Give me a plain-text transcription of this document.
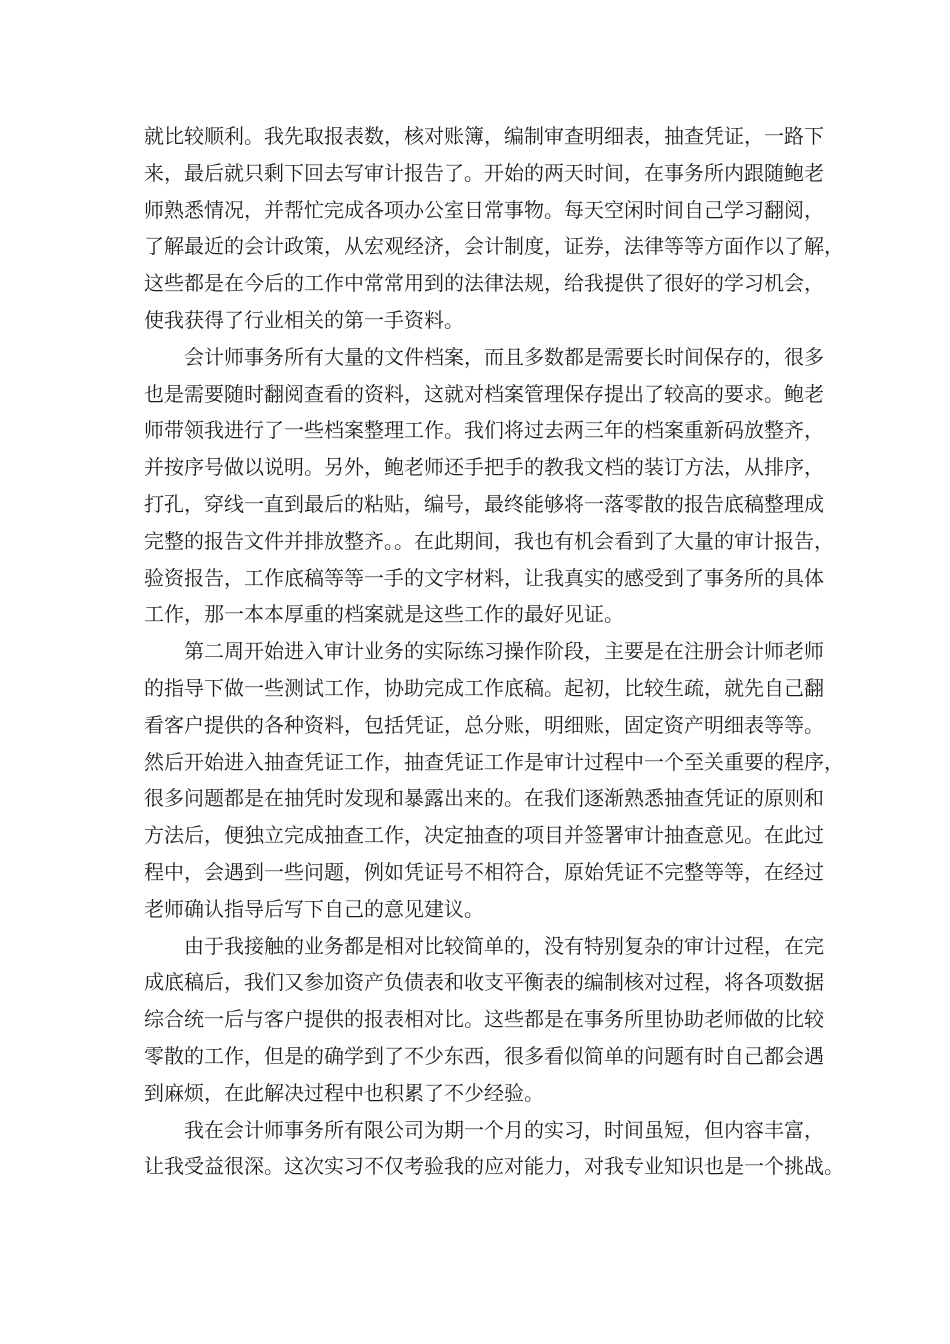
就比较顺利。我先取报表数，核对账簿，编制审查明细表，抽查凭证，一路下
来，最后就只剩下回去写审计报告了。开始的两天时间，在事务所内跟随鲍老
师熟悉情况，并帮忙完成各项办公室日常事物。每天空闲时间自己学习翻阅，
了解最近的会计政策，从宏观经济，会计制度，证券，法律等等方面作以了解，
这些都是在今后的工作中常常用到的法律法规，给我提供了很好的学习机会，
使我获得了行业相关的第一手资料。
会计师事务所有大量的文件档案，而且多数都是需要长时间保存的，很多
也是需要随时翻阅查看的资料，这就对档案管理保存提出了较高的要求。鲍老
师带领我进行了一些档案整理工作。我们将过去两三年的档案重新码放整齐，
并按序号做以说明。另外，鲍老师还手把手的教我文档的装订方法，从排序，
打孔，穿线一直到最后的粘贴，编号，最终能够将一落零散的报告底稿整理成
完整的报告文件并排放整齐。。在此期间，我也有机会看到了大量的审计报告，
验资报告，工作底稿等等一手的文字材料，让我真实的感受到了事务所的具体
工作，那一本本厚重的档案就是这些工作的最好见证。
第二周开始进入审计业务的实际练习操作阶段，主要是在注册会计师老师
的指导下做一些测试工作，协助完成工作底稿。起初，比较生疏，就先自己翻
看客户提供的各种资料，包括凭证，总分账，明细账，固定资产明细表等等。
然后开始进入抽查凭证工作，抽查凭证工作是审计过程中一个至关重要的程序，
很多问题都是在抽凭时发现和暴露出来的。在我们逐渐熟悉抽查凭证的原则和
方法后，便独立完成抽查工作，决定抽查的项目并签署审计抽查意见。在此过
程中，会遇到一些问题，例如凭证号不相符合，原始凭证不完整等等，在经过
老师确认指导后写下自己的意见建议。
由于我接触的业务都是相对比较简单的，没有特别复杂的审计过程，在完
成底稿后，我们又参加资产负债表和收支平衡表的编制核对过程，将各项数据
综合统一后与客户提供的报表相对比。这些都是在事务所里协助老师做的比较
零散的工作，但是的确学到了不少东西，很多看似简单的问题有时自己都会遇
到麻烦，在此解决过程中也积累了不少经验。
我在会计师事务所有限公司为期一个月的实习，时间虽短，但内容丰富，
让我受益很深。这次实习不仅考验我的应对能力，对我专业知识也是一个挑战。
